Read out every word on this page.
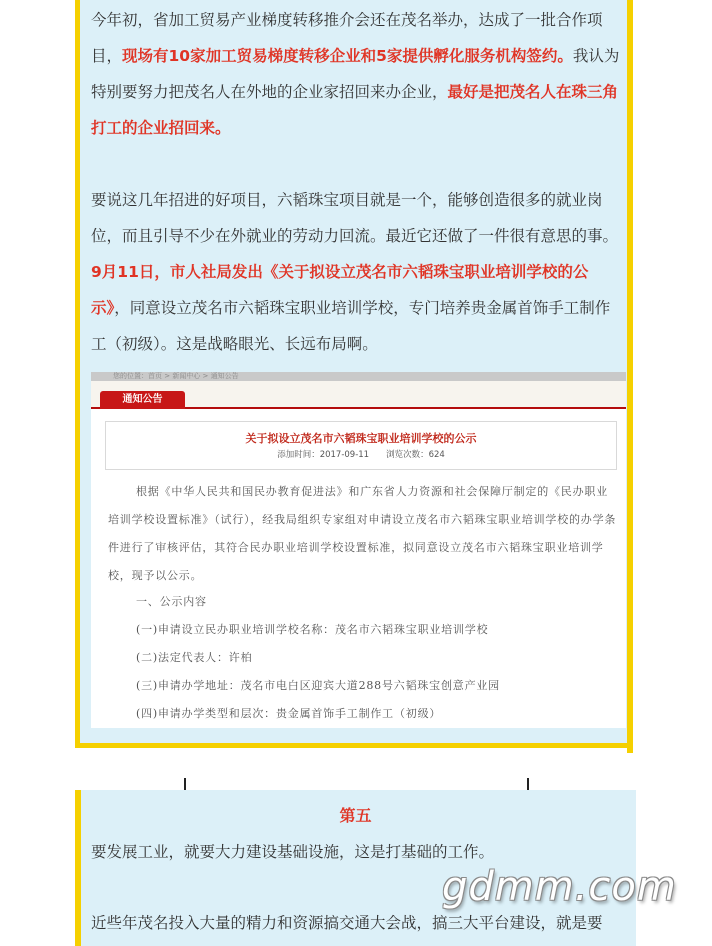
今年初，省加工贸易产业梯度转移推介会还在茂名举办，达成了一批合作项目，现场有10家加工贸易梯度转移企业和5家提供孵化服务机构签约。我认为特别要努力把茂名人在外地的企业家招回来办企业，最好是把茂名人在珠三角打工的企业招回来。

要说这几年招进的好项目，六韬珠宝项目就是一个，能够创造很多的就业岗位，而且引导不少在外就业的劳动力回流。最近它还做了一件很有意思的事。9月11日，市人社局发出《关于拟设立茂名市六韬珠宝职业培训学校的公示》，同意设立茂名市六韬珠宝职业培训学校，专门培养贵金属首饰手工制作工（初级）。这是战略眼光、长远布局啊。

您的位置：首页 > 新闻中心 > 通知公告
通知公告
关于拟设立茂名市六韬珠宝职业培训学校的公示
添加时间：2017-09-11　　浏览次数：624

根据《中华人民共和国民办教育促进法》和广东省人力资源和社会保障厅制定的《民办职业培训学校设置标准》（试行），经我局组织专家组对申请设立茂名市六韬珠宝职业培训学校的办学条件进行了审核评估，其符合民办职业培训学校设置标准，拟同意设立茂名市六韬珠宝职业培训学校，现予以公示。

一、公示内容
(一)申请设立民办职业培训学校名称：茂名市六韬珠宝职业培训学校
(二)法定代表人：许柏
(三)申请办学地址：茂名市电白区迎宾大道288号六韬珠宝创意产业园
(四)申请办学类型和层次：贵金属首饰手工制作工（初级）
第五

要发展工业，就要大力建设基础设施，这是打基础的工作。

近些年茂名投入大量的精力和资源搞交通大会战，搞三大平台建设，就是要

gdmm.com
